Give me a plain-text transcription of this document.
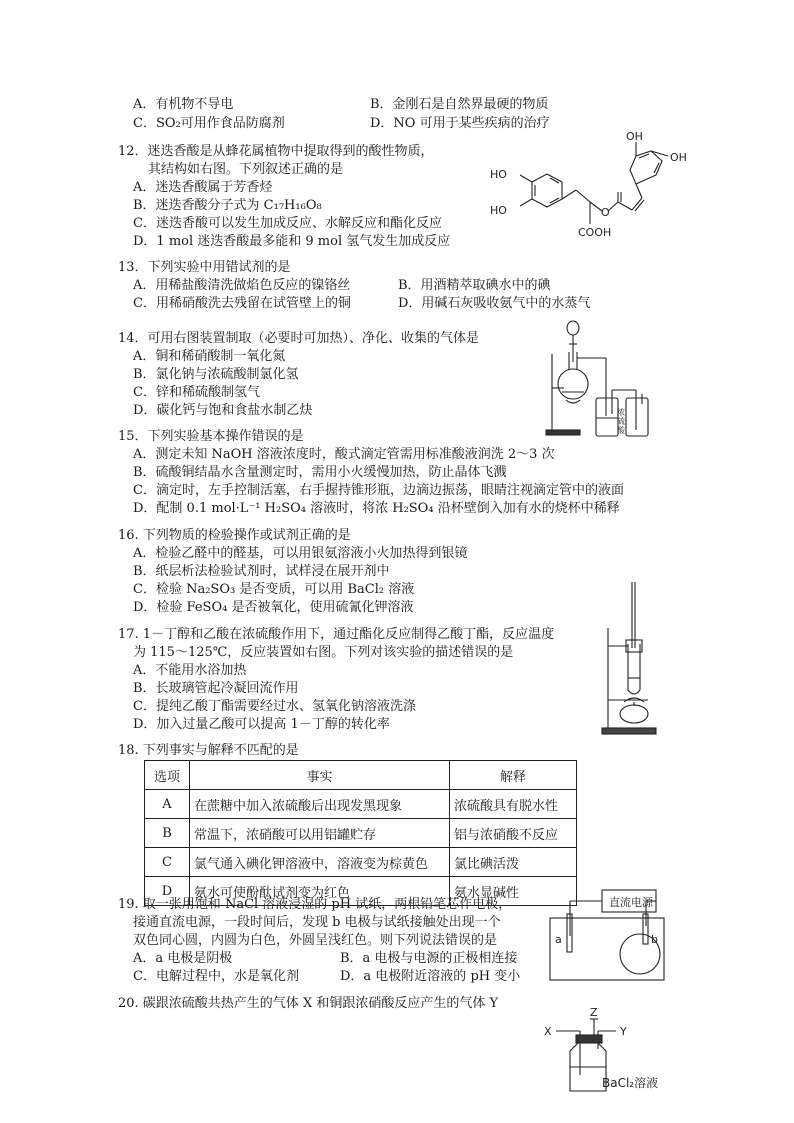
A．有机物不导电	B．金刚石是自然界最硬的物质
C．SO₂可用作食品防腐剂	D．NO 可用于某些疾病的治疗
12．迷迭香酸是从蜂花属植物中提取得到的酸性物质，
其结构如右图。下列叙述正确的是
A．迷迭香酸属于芳香烃
B．迷迭香酸分子式为 C₁₇H₁₆O₈
C．迷迭香酸可以发生加成反应、水解反应和酯化反应
D．1 mol 迷迭香酸最多能和 9 mol 氢气发生加成反应
HO
HO
OH
OH
O
COOH
13．下列实验中用错试剂的是
A．用稀盐酸清洗做焰色反应的镍铬丝	B．用酒精萃取碘水中的碘
C．用稀硝酸洗去残留在试管壁上的铜	D．用碱石灰吸收氨气中的水蒸气
14．可用右图装置制取（必要时可加热）、净化、收集的气体是
A．铜和稀硝酸制一氧化氮
B．氯化钠与浓硫酸制氯化氢
C．锌和稀硫酸制氢气
D．碳化钙与饱和食盐水制乙炔	浓
硫
酸
15．下列实验基本操作错误的是
A．测定未知 NaOH 溶液浓度时，酸式滴定管需用标准酸液润洗 2～3 次
B．硫酸铜结晶水含量测定时，需用小火缓慢加热，防止晶体飞溅
C．滴定时，左手控制活塞，右手握持锥形瓶，边滴边振荡，眼睛注视滴定管中的液面
D．配制 0.1 mol·L⁻¹ H₂SO₄ 溶液时，将浓 H₂SO₄ 沿杯壁倒入加有水的烧杯中稀释
16. 下列物质的检验操作或试剂正确的是
A．检验乙醛中的醛基，可以用银氨溶液小火加热得到银镜
B．纸层析法检验试剂时，试样浸在展开剂中
C．检验 Na₂SO₃ 是否变质，可以用 BaCl₂ 溶液
D．检验 FeSO₄ 是否被氧化，使用硫氰化钾溶液
17. 1－丁醇和乙酸在浓硫酸作用下，通过酯化反应制得乙酸丁酯，反应温度
为 115～125℃，反应装置如右图。下列对该实验的描述错误的是
A．不能用水浴加热
B．长玻璃管起冷凝回流作用
C．提纯乙酸丁酯需要经过水、氢氧化钠溶液洗涤
D．加入过量乙酸可以提高 1－丁醇的转化率
18. 下列事实与解释不匹配的是
选项	事实	解释
A	在蔗糖中加入浓硫酸后出现发黑现象	浓硫酸具有脱水性
B	常温下，浓硝酸可以用铝罐贮存	铝与浓硝酸不反应
C	氯气通入碘化钾溶液中，溶液变为棕黄色	氯比碘活泼
D	氨水可使酚酞试剂变为红色	氨水显碱性
19. 取一张用饱和 NaCl 溶液浸湿的 pH 试纸，两根铅笔芯作电极，
接通直流电源，一段时间后，发现 b 电极与试纸接触处出现一个
双色同心圆，内圆为白色，外圆呈浅红色。则下列说法错误的是
A．a 电极是阴极	B．a 电极与电源的正极相连接
C．电解过程中，水是氧化剂	D．a 电极附近溶液的 pH 变小
直流电源
a	b
20. 碳跟浓硫酸共热产生的气体 X 和铜跟浓硝酸反应产生的气体 Y
X
Z
Y
BaCl₂溶液
